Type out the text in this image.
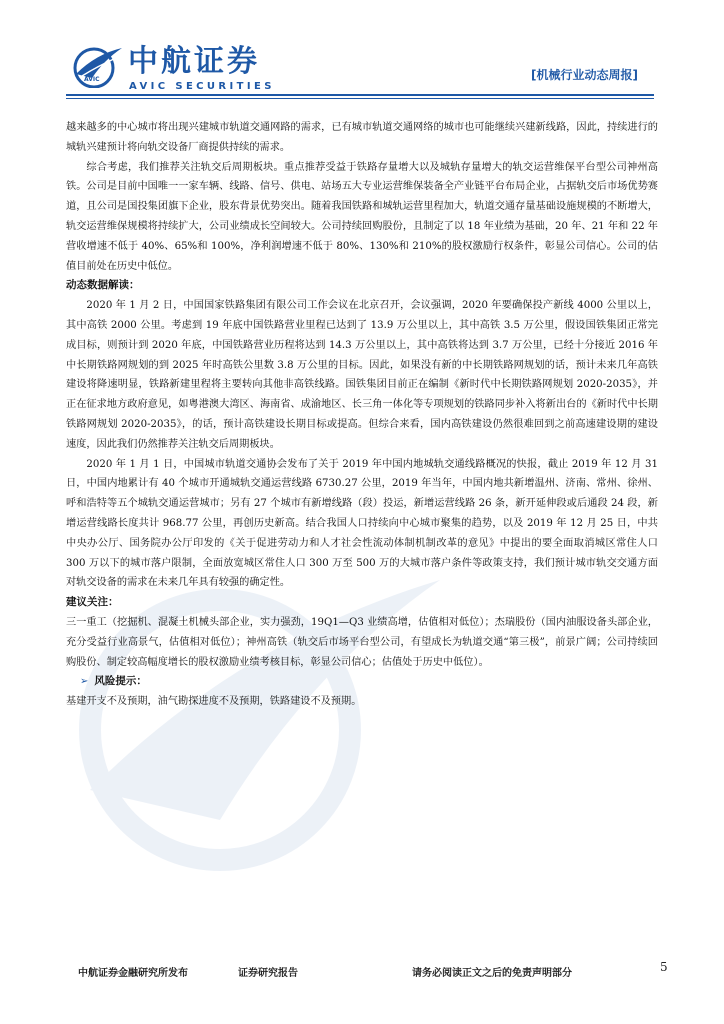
AVIC
中航证券
AVIC SECURITIES
[机械行业动态周报]

越来越多的中心城市将出现兴建城市轨道交通网路的需求，已有城市轨道交通网络的城市也可能继续兴建新线路，因此，持续进行的城轨兴建预计将向轨交设备厂商提供持续的需求。

综合考虑，我们推荐关注轨交后周期板块。重点推荐受益于铁路存量增大以及城轨存量增大的轨交运营维保平台型公司神州高铁。公司是目前中国唯一一家车辆、线路、信号、供电、站场五大专业运营维保装备全产业链平台布局企业，占据轨交后市场优势赛道，且公司是国投集团旗下企业，股东背景优势突出。随着我国铁路和城轨运营里程加大，轨道交通存量基础设施规模的不断增大，轨交运营维保规模将持续扩大，公司业绩成长空间较大。公司持续回购股份，且制定了以 18 年业绩为基础，20 年、21 年和 22 年营收增速不低于 40%、65%和 100%，净利润增速不低于 80%、130%和 210%的股权激励行权条件，彰显公司信心。公司的估值目前处在历史中低位。

动态数据解读：

2020 年 1 月 2 日，中国国家铁路集团有限公司工作会议在北京召开，会议强调，2020 年要确保投产新线 4000 公里以上，其中高铁 2000 公里。考虑到 19 年底中国铁路营业里程已达到了 13.9 万公里以上，其中高铁 3.5 万公里，假设国铁集团正常完成目标，则预计到 2020 年底，中国铁路营业历程将达到 14.3 万公里以上，其中高铁将达到 3.7 万公里，已经十分接近 2016 年中长期铁路网规划的到 2025 年时高铁公里数 3.8 万公里的目标。因此，如果没有新的中长期铁路网规划的话，预计未来几年高铁建设将降速明显，铁路新建里程将主要转向其他非高铁线路。国铁集团目前正在编制《新时代中长期铁路网规划 2020-2035》，并正在征求地方政府意见，如粤港澳大湾区、海南省、成渝地区、长三角一体化等专项规划的铁路同步补入将新出台的《新时代中长期铁路网规划 2020-2035》，的话，预计高铁建设长期目标或提高。但综合来看，国内高铁建设仍然很难回到之前高速建设期的建设速度，因此我们仍然推荐关注轨交后周期板块。

2020 年 1 月 1 日，中国城市轨道交通协会发布了关于 2019 年中国内地城轨交通线路概况的快报，截止 2019 年 12 月 31 日，中国内地累计有 40 个城市开通城轨交通运营线路 6730.27 公里，2019 年当年，中国内地共新增温州、济南、常州、徐州、呼和浩特等五个城轨交通运营城市；另有 27 个城市有新增线路（段）投运，新增运营线路 26 条，新开延伸段或后通段 24 段，新增运营线路长度共计 968.77 公里，再创历史新高。结合我国人口持续向中心城市聚集的趋势，以及 2019 年 12 月 25 日，中共中央办公厅、国务院办公厅印发的《关于促进劳动力和人才社会性流动体制机制改革的意见》中提出的要全面取消城区常住人口 300 万以下的城市落户限制，全面放宽城区常住人口 300 万至 500 万的大城市落户条件等政策支持，我们预计城市轨交交通方面对轨交设备的需求在未来几年具有较强的确定性。

建议关注：

三一重工（挖掘机、混凝土机械头部企业，实力强劲，19Q1—Q3 业绩高增，估值相对低位）；杰瑞股份（国内油服设备头部企业，充分受益行业高景气，估值相对低位）；神州高铁（轨交后市场平台型公司，有望成长为轨道交通“第三极”，前景广阔；公司持续回购股份、制定较高幅度增长的股权激励业绩考核目标，彰显公司信心；估值处于历史中低位）。

➢ 风险提示：

基建开支不及预期，油气勘探进度不及预期，铁路建设不及预期。

中航证券金融研究所发布	证券研究报告	请务必阅读正文之后的免责声明部分	5
